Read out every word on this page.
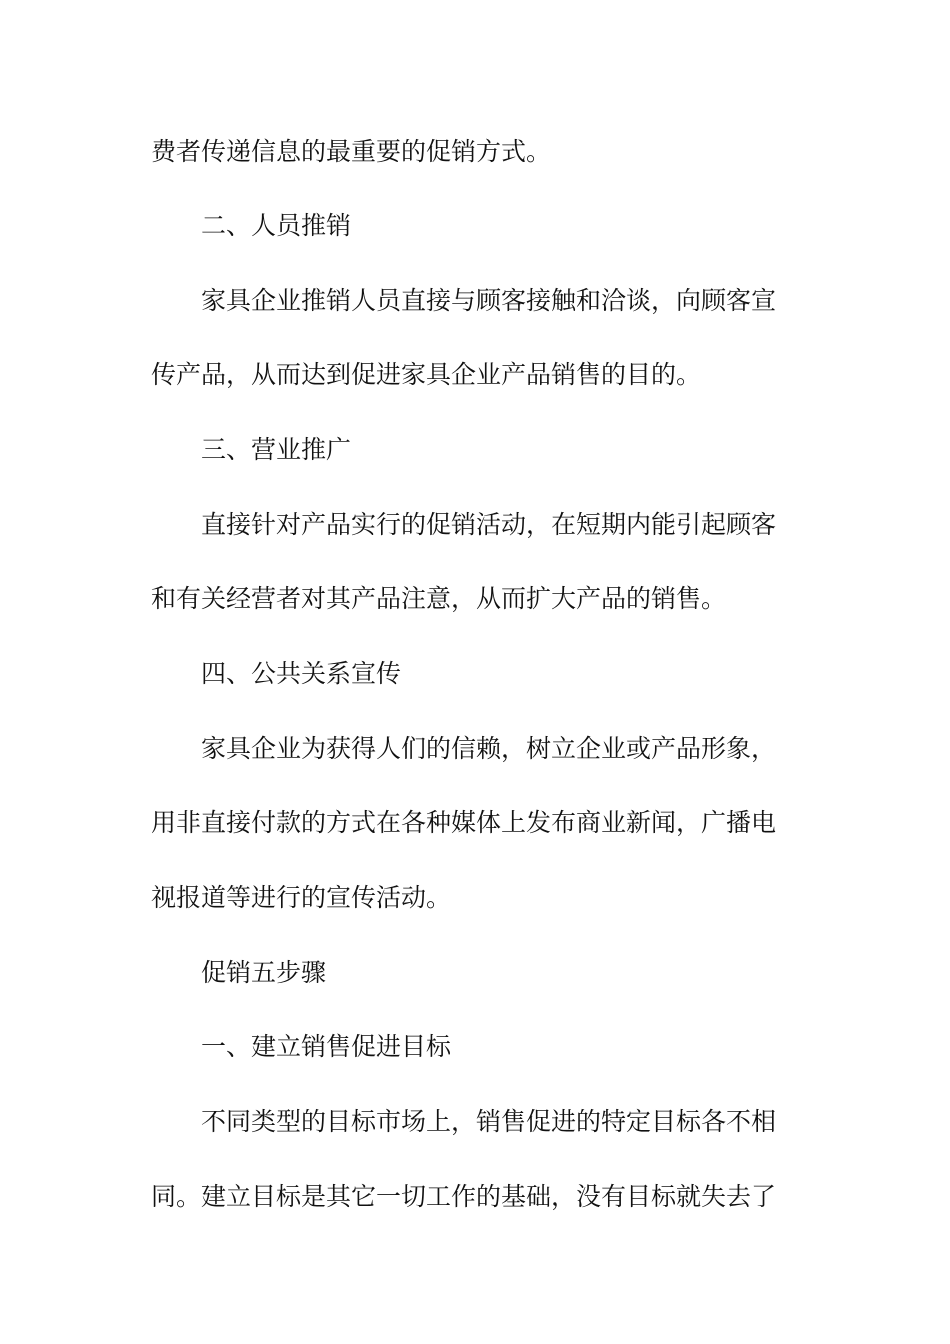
费者传递信息的最重要的促销方式。
二、人员推销
家具企业推销人员直接与顾客接触和洽谈，向顾客宣
传产品，从而达到促进家具企业产品销售的目的。
三、营业推广
直接针对产品实行的促销活动，在短期内能引起顾客
和有关经营者对其产品注意，从而扩大产品的销售。
四、公共关系宣传
家具企业为获得人们的信赖，树立企业或产品形象，
用非直接付款的方式在各种媒体上发布商业新闻，广播电
视报道等进行的宣传活动。
促销五步骤
一、建立销售促进目标
不同类型的目标市场上，销售促进的特定目标各不相
同。建立目标是其它一切工作的基础，没有目标就失去了
